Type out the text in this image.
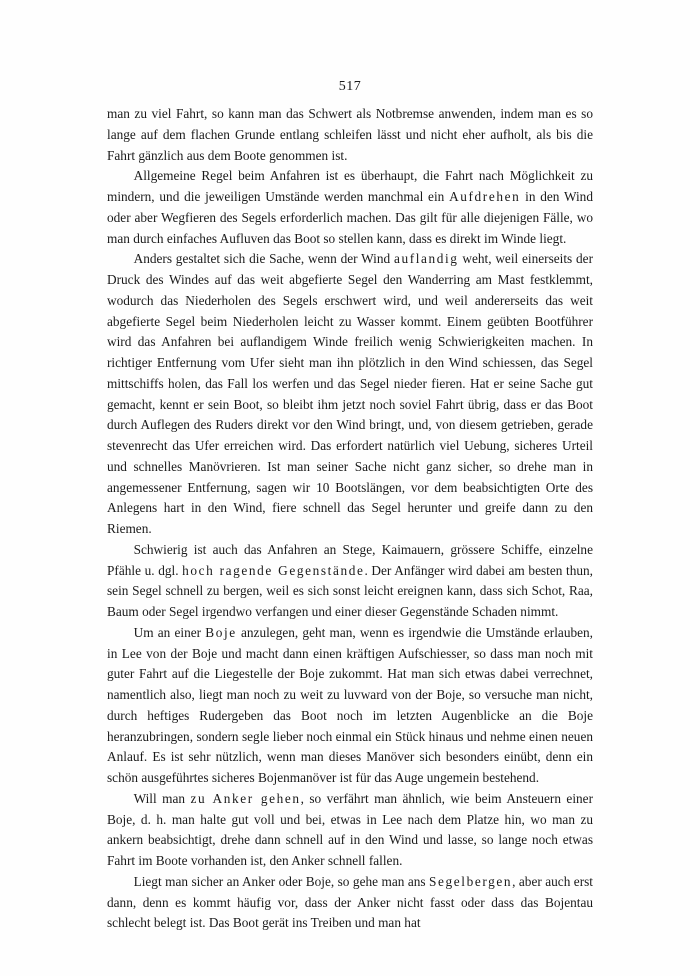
517

man zu viel Fahrt, so kann man das Schwert als Notbremse anwenden, indem man es so lange auf dem flachen Grunde entlang schleifen lässt und nicht eher aufholt, als bis die Fahrt gänzlich aus dem Boote genommen ist.

Allgemeine Regel beim Anfahren ist es überhaupt, die Fahrt nach Möglichkeit zu mindern, und die jeweiligen Umstände werden manchmal ein Aufdrehen in den Wind oder aber Wegfieren des Segels erforderlich machen. Das gilt für alle diejenigen Fälle, wo man durch einfaches Aufluven das Boot so stellen kann, dass es direkt im Winde liegt.

Anders gestaltet sich die Sache, wenn der Wind auflandig weht, weil einerseits der Druck des Windes auf das weit abgefierte Segel den Wanderring am Mast festklemmt, wodurch das Niederholen des Segels erschwert wird, und weil andererseits das weit abgefierte Segel beim Niederholen leicht zu Wasser kommt. Einem geübten Bootführer wird das Anfahren bei auflandigem Winde freilich wenig Schwierigkeiten machen. In richtiger Entfernung vom Ufer sieht man ihn plötzlich in den Wind schiessen, das Segel mittschiffs holen, das Fall los werfen und das Segel nieder fieren. Hat er seine Sache gut gemacht, kennt er sein Boot, so bleibt ihm jetzt noch soviel Fahrt übrig, dass er das Boot durch Auflegen des Ruders direkt vor den Wind bringt, und, von diesem getrieben, gerade stevenrecht das Ufer erreichen wird. Das erfordert natürlich viel Uebung, sicheres Urteil und schnelles Manövrieren. Ist man seiner Sache nicht ganz sicher, so drehe man in angemessener Entfernung, sagen wir 10 Bootslängen, vor dem beabsichtigten Orte des Anlegens hart in den Wind, fiere schnell das Segel herunter und greife dann zu den Riemen.

Schwierig ist auch das Anfahren an Stege, Kaimauern, grössere Schiffe, einzelne Pfähle u. dgl. hoch ragende Gegenstände. Der Anfänger wird dabei am besten thun, sein Segel schnell zu bergen, weil es sich sonst leicht ereignen kann, dass sich Schot, Raa, Baum oder Segel irgendwo verfangen und einer dieser Gegenstände Schaden nimmt.

Um an einer Boje anzulegen, geht man, wenn es irgendwie die Umstände erlauben, in Lee von der Boje und macht dann einen kräftigen Aufschiesser, so dass man noch mit guter Fahrt auf die Liegestelle der Boje zukommt. Hat man sich etwas dabei verrechnet, namentlich also, liegt man noch zu weit zu luvward von der Boje, so versuche man nicht, durch heftiges Rudergeben das Boot noch im letzten Augenblicke an die Boje heranzubringen, sondern segle lieber noch einmal ein Stück hinaus und nehme einen neuen Anlauf. Es ist sehr nützlich, wenn man dieses Manöver sich besonders einübt, denn ein schön ausgeführtes sicheres Bojenmanöver ist für das Auge ungemein bestehend.

Will man zu Anker gehen, so verfährt man ähnlich, wie beim Ansteuern einer Boje, d. h. man halte gut voll und bei, etwas in Lee nach dem Platze hin, wo man zu ankern beabsichtigt, drehe dann schnell auf in den Wind und lasse, so lange noch etwas Fahrt im Boote vorhanden ist, den Anker schnell fallen.

Liegt man sicher an Anker oder Boje, so gehe man ans Segelbergen, aber auch erst dann, denn es kommt häufig vor, dass der Anker nicht fasst oder dass das Bojentau schlecht belegt ist. Das Boot gerät ins Treiben und man hat
